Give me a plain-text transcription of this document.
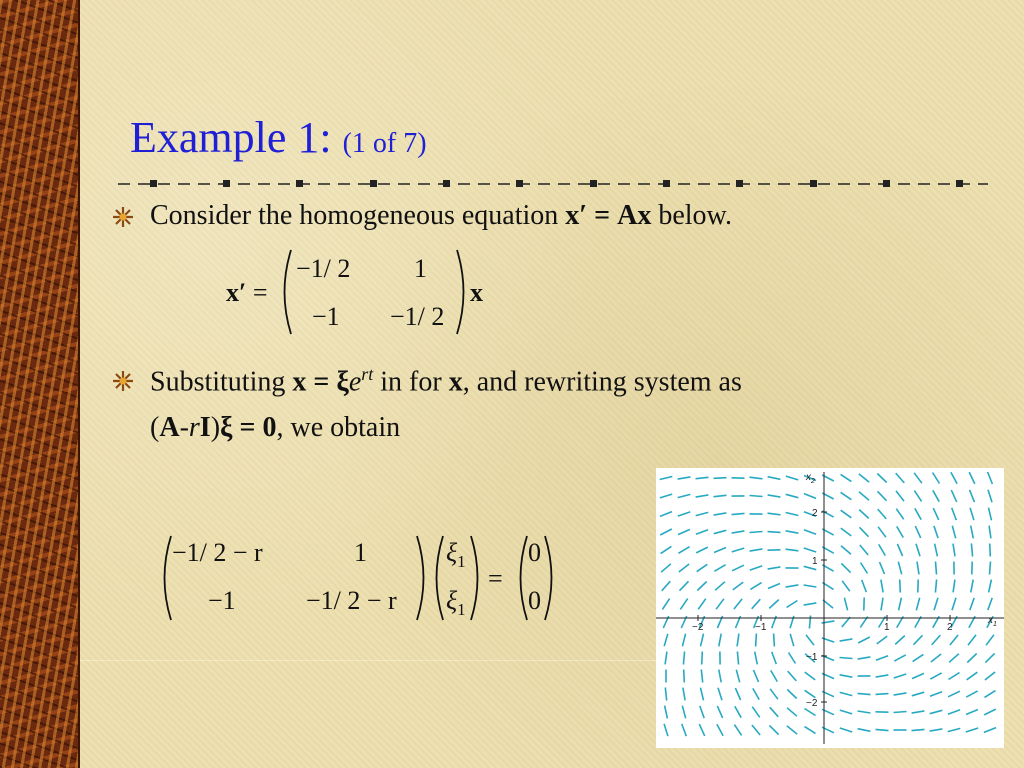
Example 1: (1 of 7)
Consider the homogeneous equation x′ = Ax below.
x′ =
−1/ 2 1
−1 −1/ 2
x
Substituting $x = \xi e^{rt}$ in for x, and rewriting system as
(A-rI)ξ = 0, we obtain
−1/ 2 − r	1
−1	−1/ 2 − r
$\xi_1$
$\xi_1$
=
0
0
−2	−1	1	2
2
1
−1
−2
$x_1$
$x_2$
